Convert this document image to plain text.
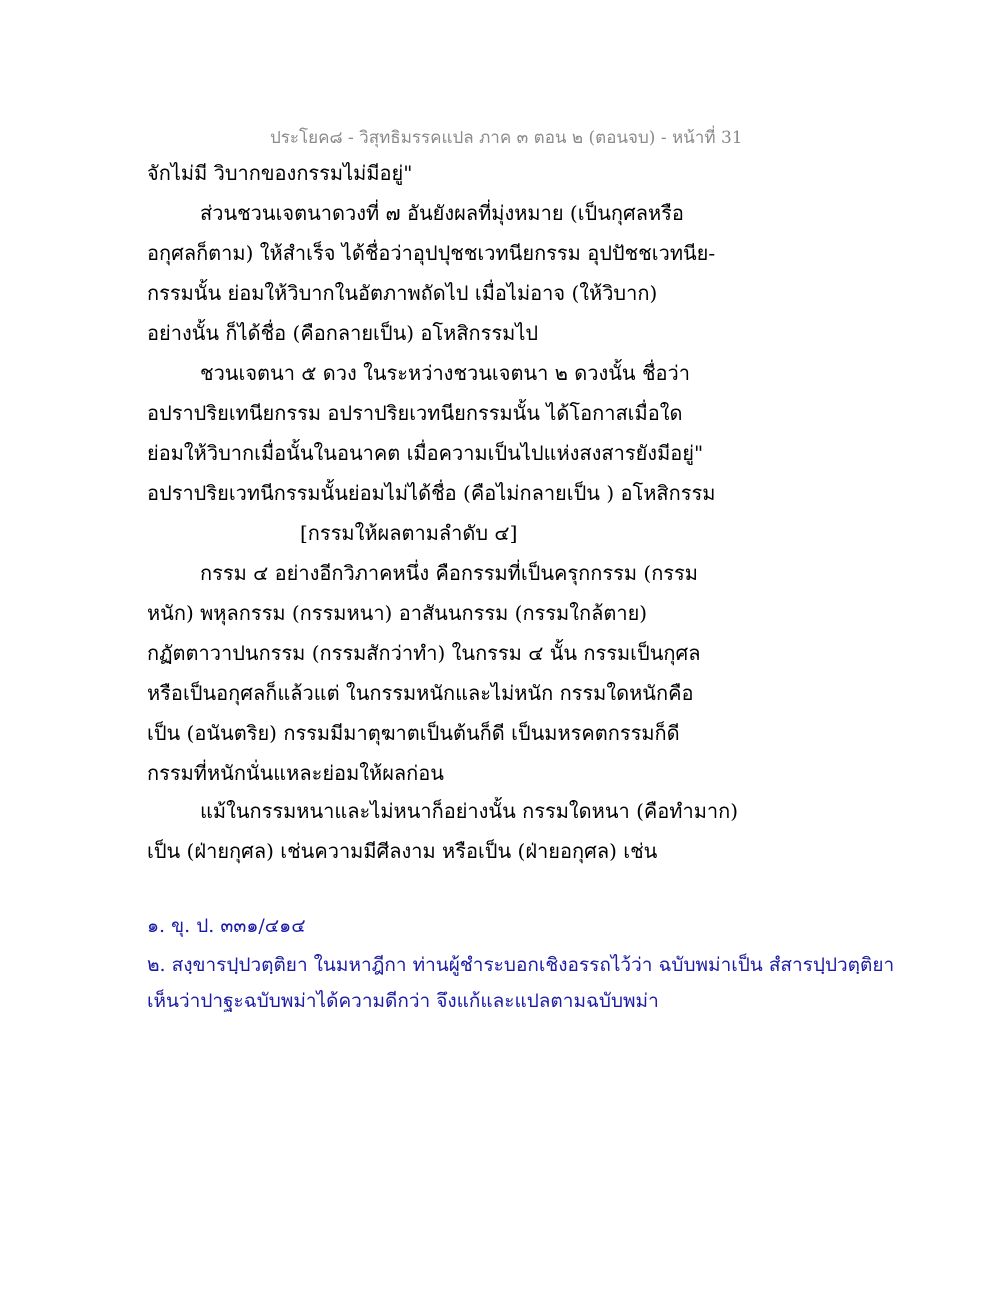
ประโยค๘ - วิสุทธิมรรคแปล ภาค ๓ ตอน ๒ (ตอนจบ) - หน้าที่ 31
จักไม่มี วิบากของกรรมไม่มีอยู่"
ส่วนชวนเจตนาดวงที่ ๗ อันยังผลที่มุ่งหมาย (เป็นกุศลหรือ
อกุศลก็ตาม) ให้สำเร็จ ได้ชื่อว่าอุปปุชชเวทนียกรรม อุปปัชชเวทนีย-
กรรมนั้น ย่อมให้วิบากในอัตภาพถัดไป เมื่อไม่อาจ (ให้วิบาก)
อย่างนั้น ก็ได้ชื่อ (คือกลายเป็น) อโหสิกรรมไป
ชวนเจตนา ๕ ดวง ในระหว่างชวนเจตนา ๒ ดวงนั้น ชื่อว่า
อปราปริยเทนียกรรม อปราปริยเวทนียกรรมนั้น ได้โอกาสเมื่อใด
ย่อมให้วิบากเมื่อนั้นในอนาคต เมื่อความเป็นไปแห่งสงสารยังมีอยู่"
อปราปริยเวทนีกรรมนั้นย่อมไม่ได้ชื่อ (คือไม่กลายเป็น ) อโหสิกรรม
[กรรมให้ผลตามลำดับ ๔]
กรรม ๔ อย่างอีกวิภาคหนึ่ง คือกรรมที่เป็นครุกกรรม (กรรม
หนัก) พหุลกรรม (กรรมหนา) อาสันนกรรม (กรรมใกล้ตาย)
กฏัตตาวาปนกรรม (กรรมสักว่าทำ) ในกรรม ๔ นั้น กรรมเป็นกุศล
หรือเป็นอกุศลก็แล้วแต่ ในกรรมหนักและไม่หนัก กรรมใดหนักคือ
เป็น (อนันตริย) กรรมมีมาตุฆาตเป็นต้นก็ดี เป็นมหรคตกรรมก็ดี
กรรมที่หนักนั่นแหละย่อมให้ผลก่อน
แม้ในกรรมหนาและไม่หนาก็อย่างนั้น กรรมใดหนา (คือทำมาก)
เป็น (ฝ่ายกุศล) เช่นความมีศีลงาม หรือเป็น (ฝ่ายอกุศล) เช่น
๑. ขุ. ป. ๓๓๑/๔๑๔
๒. สงฺขารปฺปวตฺติยา ในมหาฎีกา ท่านผู้ชำระบอกเชิงอรรถไว้ว่า ฉบับพม่าเป็น สํสารปฺปวตฺติยา
เห็นว่าปาฐะฉบับพม่าได้ความดีกว่า จึงแก้และแปลตามฉบับพม่า
